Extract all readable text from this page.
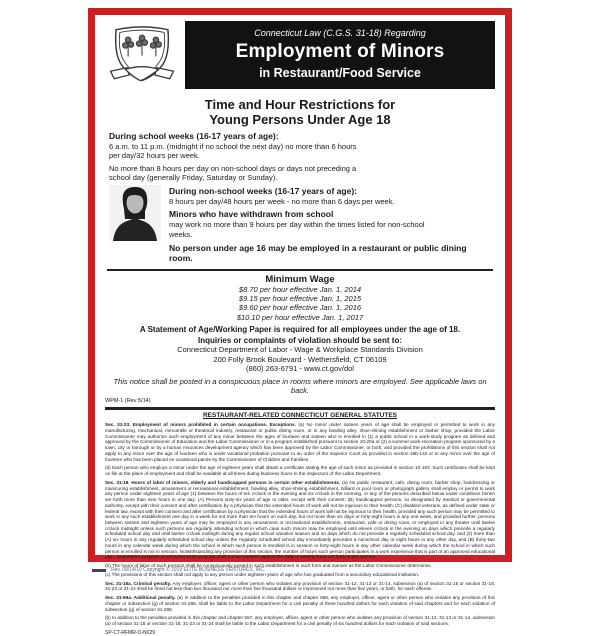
Connecticut Law (C.G.S. 31-18) Regarding
Employment of Minors
in Restaurant/Food Service
Time and Hour Restrictions for
Young Persons Under Age 18
During school weeks (16-17 years of age):
6 a.m. to 11 p.m. (midnight if no school the next day) no more than 6 hours per day/32 hours per week.
No more than 8 hours per day on non-school days or days not preceding a school day (generally Friday, Saturday or Sunday).
During non-school weeks (16-17 years of age):
8 hours per day/48 hours per week - no more than 6 days per week.
Minors who have withdrawn from school
may work no more than 9 hours per day within the times listed for non-school weeks.
No person under age 16 may be employed in a restaurant or public dining room.
Minimum Wage
$8.70 per hour effective Jan. 1, 2014
$9.15 per hour effective Jan. 1, 2015
$9.60 per hour effective Jan. 1, 2016
$10.10 per hour effective Jan. 1, 2017
A Statement of Age/Working Paper is required for all employees under the age of 18.
Inquiries or complaints of violation should be sent to:
Connecticut Department of Labor - Wage & Workplace Standards Division
200 Folly Brook Boulevard - Wethersfield, CT 06109
(860) 263-6791 - www.ct.gov/dol
This notice shall be posted in a conspicuous place in rooms where minors are employed. See applicable laws on back.
WPM-1 (Rev 5/14)
RESTAURANT-RELATED CONNECTICUT GENERAL STATUTES

Sec. 31-23. Employment of minors prohibited in certain occupations. Exceptions. (a) No minor under sixteen years of age shall be employed or permitted to work in any manufacturing, mechanical, mercantile or theatrical industry, restaurant or public dining room, or in any bowling alley, shoe-shining establishment or barber shop, provided the Labor Commissioner may authorize such employment of any minor between the ages of fourteen and sixteen who is enrolled in (1) a public school in a work-study program as defined and approved by the Commissioner of Education and the Labor Commissioner or in a program established pursuant to section 10-20a or (2) a summer work-recreation program sponsored by a town, city or borough or by a human resources development agency which has been approved by the Labor Commissioner, or both, and provided the prohibitions of this section shall not apply to any minor over the age of fourteen who is under vocational probation pursuant to an order of the Superior Court as provided in section 46b-140 or to any minor over the age of fourteen who has been placed on vocational parole by the Commissioner of Children and Families.

(d) Each person who employs a minor under the age of eighteen years shall obtain a certificate stating the age of such minor as provided in section 10-193. Such certificates shall be kept on file at the place of employment and shall be available at all times during business hours to the inspectors of the Labor Department.

Sec. 31-18. Hours of labor of minors, elderly and handicapped persons in certain other establishments. (a) No public restaurant, cafe, dining room, barber shop, hairdressing or manicuring establishment, amusement or recreational establishment, bowling alley, shoe-shining establishment, billiard or pool room or photograph gallery shall employ or permit to work any person under eighteen years of age (1) between the hours of ten o'clock in the evening and six o'clock in the morning, or any of the persons described below under conditions herein set forth more than nine hours in one day: (A) Persons sixty-six years of age or older, except with their consent; (B) handicapped persons, so designated by medical or governmental authority, except with their consent and after certification by a physician that the extended hours of work will not be injurious to their health; (C) disabled veterans, as defined under state or federal law, except with their consent and after certification by a physician that the extended hours of work will not be injurious to their health, provided any such person may be permitted to work in any such establishment one day in a week for not more than ten hours on such day, but not more than six days or forty-eight hours in any one week, and provided further, persons between sixteen and eighteen years of age may be employed in any amusement or recreational establishment, restaurant, cafe or dining room, or employed in any theater until twelve o'clock midnight unless such persons are regularly attending school in which case such minors may be employed until eleven o'clock in the evening on days which precede a regularly scheduled school day and until twelve o'clock midnight during any regular school vacation season and on days which do not precede a regularly scheduled school day, and (2) more than (A) six hours in any regularly scheduled school day unless the regularly scheduled school day immediately precedes a nonschool day or eight hours in any other day, and (B) thirty-two hours in any calendar week during which the school in which such person is enrolled is in session or forty-eight hours in any other calendar week during which the school in which such person is enrolled is not in session. Notwithstanding any provision of this section, the number of hours such person participates in a work experience that is part of an approved educational plan, cooperative program or school-to-work program shall not be counted against the daily or weekly limits set forth in this section.

(b) The hours of labor of such persons shall be conspicuously posted in such establishment in such form and manner as the Labor Commissioner determines.

(c) The provisions of this section shall not apply to any person under eighteen years of age who has graduated from a secondary educational institution.

Sec. 31-18a. Criminal penalty. Any employer, officer, agent or other person who violates any provision of section 31-12, 31-13 or 31-14, subsection (a) of section 31-15 or section 31-18, 31-23 or 31-24 shall be fined not less than two thousand nor more than five thousand dollars or imprisoned not more than five years, or both, for each offense.

Sec. 31-69a. Additional penalty. (a) In addition to the penalties provided in this chapter and chapter 568, any employer, officer, agent or other person who violates any provision of this chapter or subsection (g) of section 31-288, shall be liable to the Labor Department for a civil penalty of three hundred dollars for each violation of said chapters and for each violation of subsection (g) of section 31-288.

(b) In addition to the penalties provided in this chapter and chapter 557, any employer, officer, agent or other person who violates any provision of section 31-12, 31-13 or 31-14, subsection (a) of section 31-15 or section 31-18, 31-23 or 31-24 shall be liable to the Labor Department for a civil penalty of six hundred dollars for each violation of said sections.

SP-CT-RFMR-O-N029
Rev. 08/14/19 Copyright © 2019 ELITE BUSINESS VENTURES, INC.
